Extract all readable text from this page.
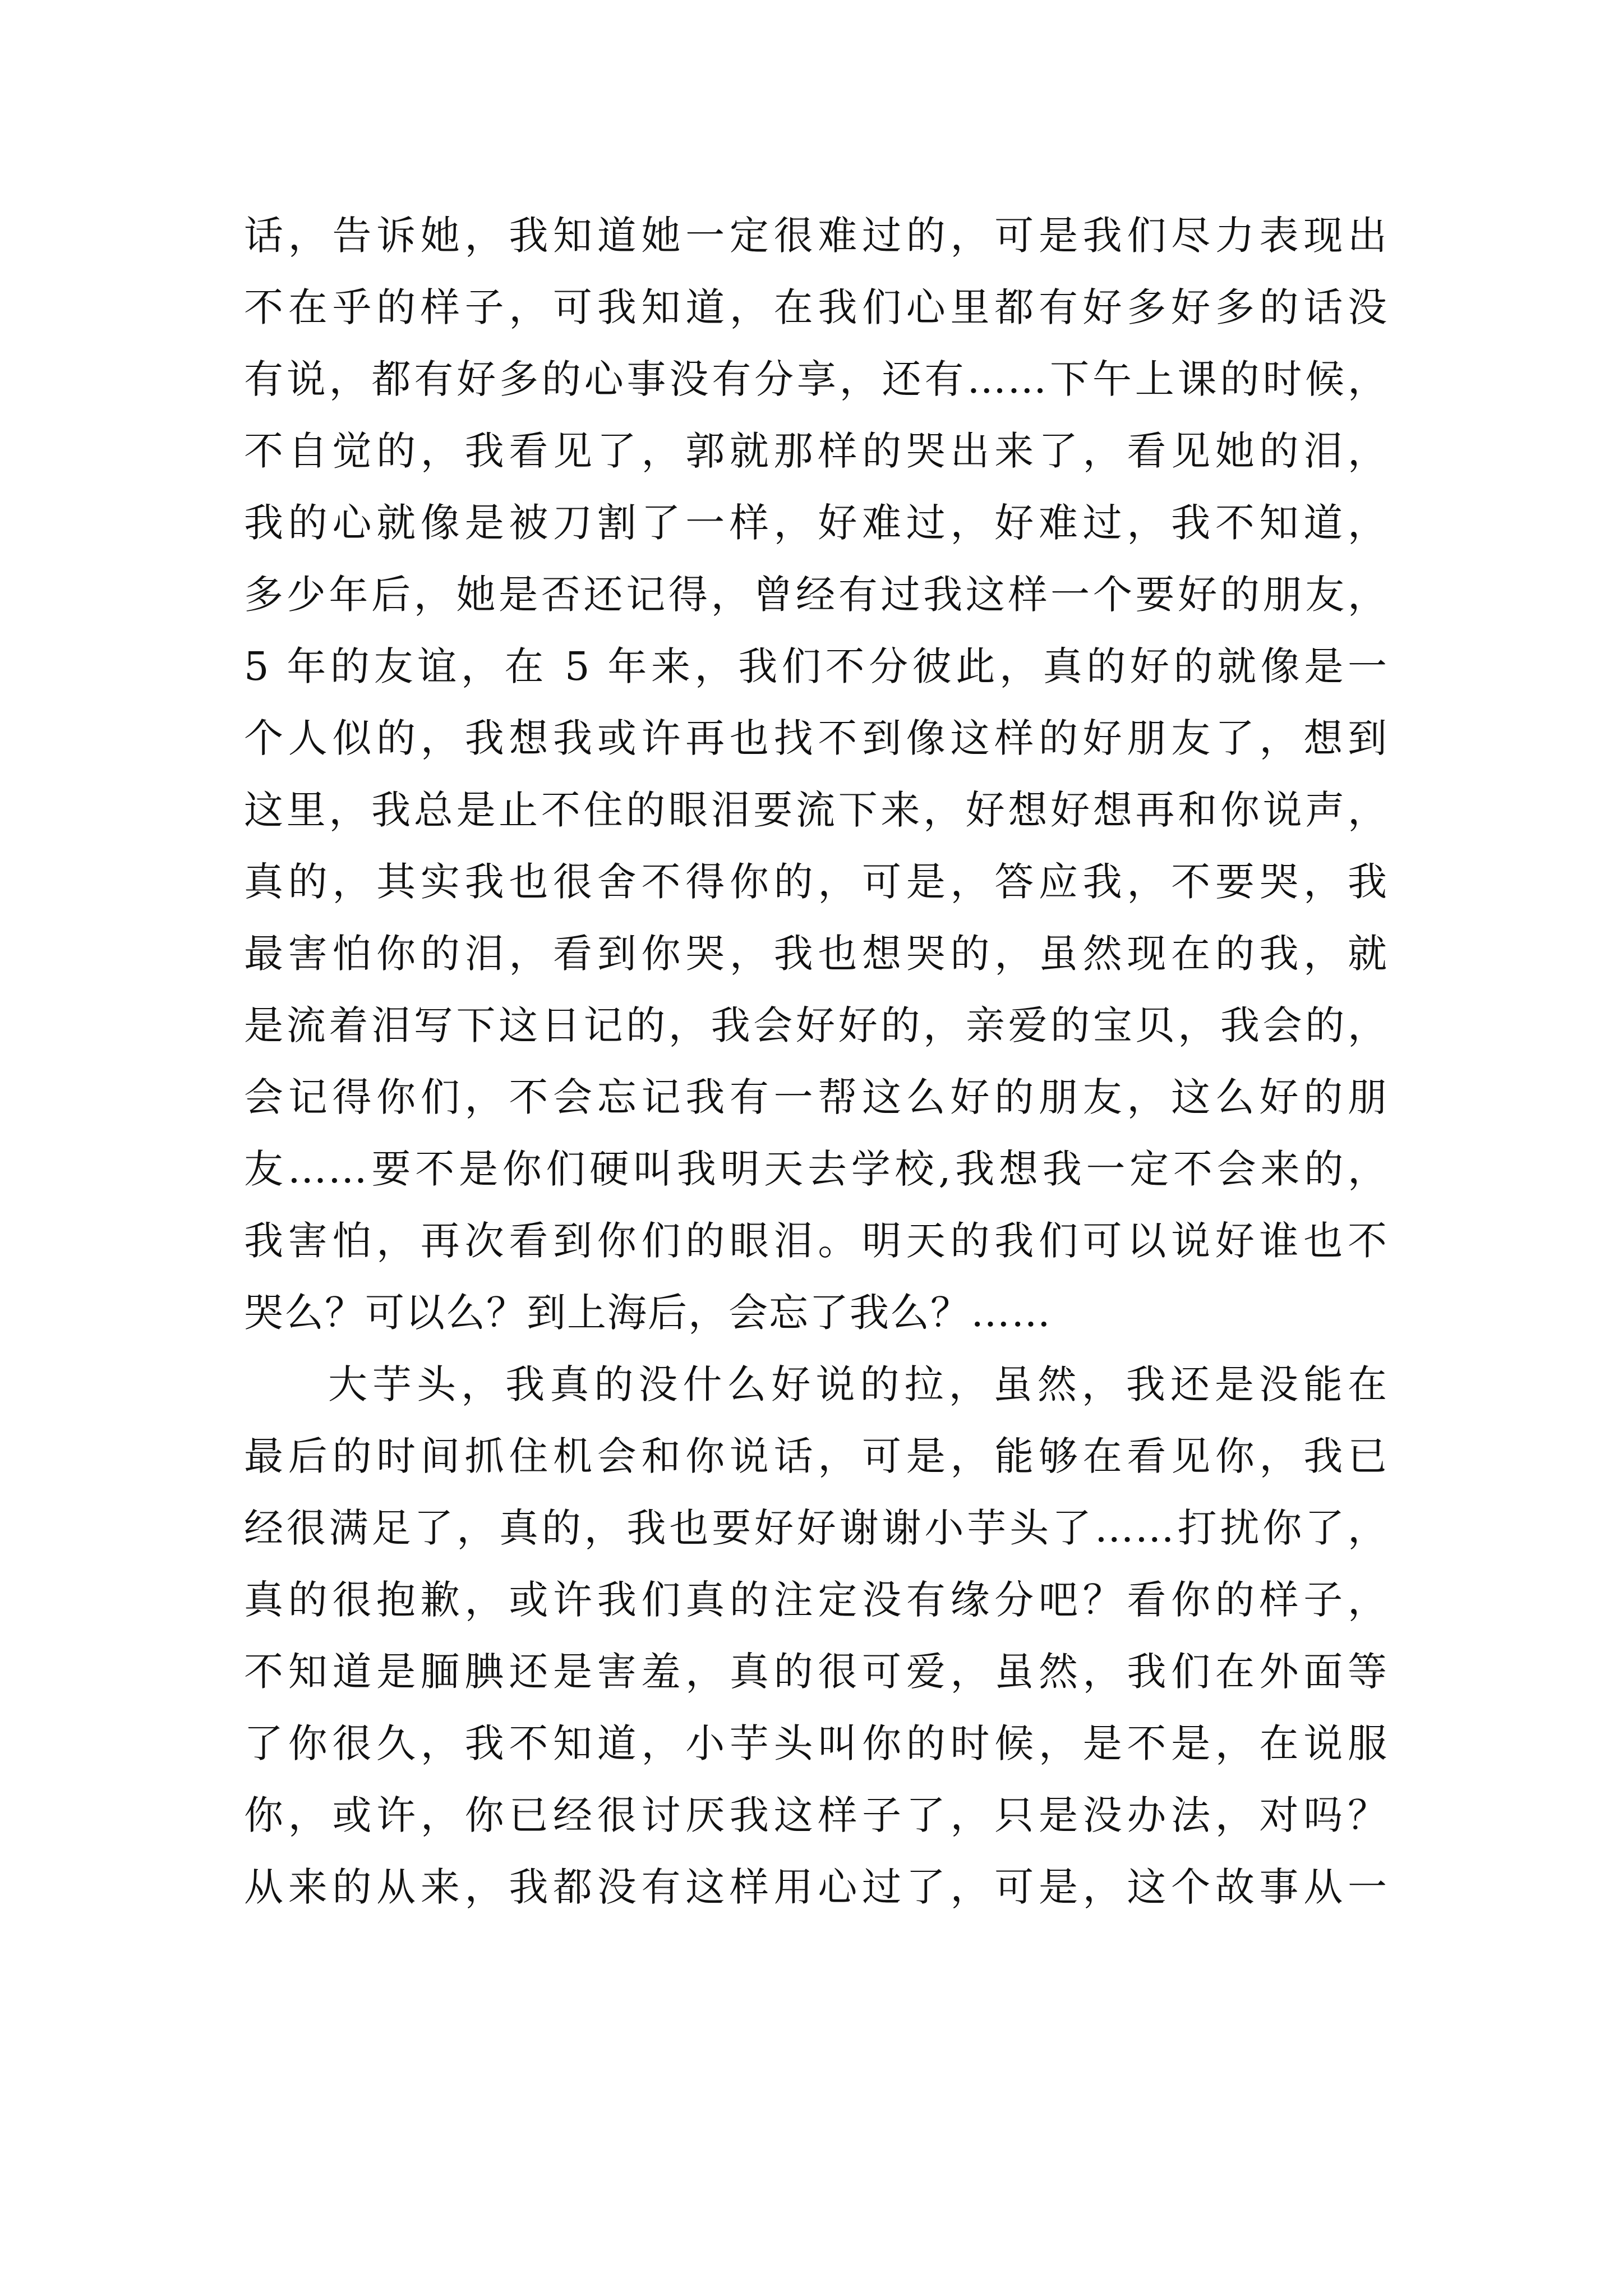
话，告诉她，我知道她一定很难过的，可是我们尽力表现出
不在乎的样子，可我知道，在我们心里都有好多好多的话没
有说，都有好多的心事没有分享，还有……下午上课的时候，
不自觉的，我看见了，郭就那样的哭出来了，看见她的泪，
我的心就像是被刀割了一样，好难过，好难过，我不知道，
多少年后，她是否还记得，曾经有过我这样一个要好的朋友，
5 年的友谊，在 5 年来，我们不分彼此，真的好的就像是一
个人似的，我想我或许再也找不到像这样的好朋友了，想到
这里，我总是止不住的眼泪要流下来，好想好想再和你说声，
真的，其实我也很舍不得你的，可是，答应我，不要哭，我
最害怕你的泪，看到你哭，我也想哭的，虽然现在的我，就
是流着泪写下这日记的，我会好好的，亲爱的宝贝，我会的，
会记得你们，不会忘记我有一帮这么好的朋友，这么好的朋
友……要不是你们硬叫我明天去学校,我想我一定不会来的，
我害怕，再次看到你们的眼泪。明天的我们可以说好谁也不
哭么？可以么？到上海后，会忘了我么？……
大芋头，我真的没什么好说的拉，虽然，我还是没能在
最后的时间抓住机会和你说话，可是，能够在看见你，我已
经很满足了，真的，我也要好好谢谢小芋头了……打扰你了，
真的很抱歉，或许我们真的注定没有缘分吧？看你的样子，
不知道是腼腆还是害羞，真的很可爱，虽然，我们在外面等
了你很久，我不知道，小芋头叫你的时候，是不是，在说服
你，或许，你已经很讨厌我这样子了，只是没办法，对吗？
从来的从来，我都没有这样用心过了，可是，这个故事从一
